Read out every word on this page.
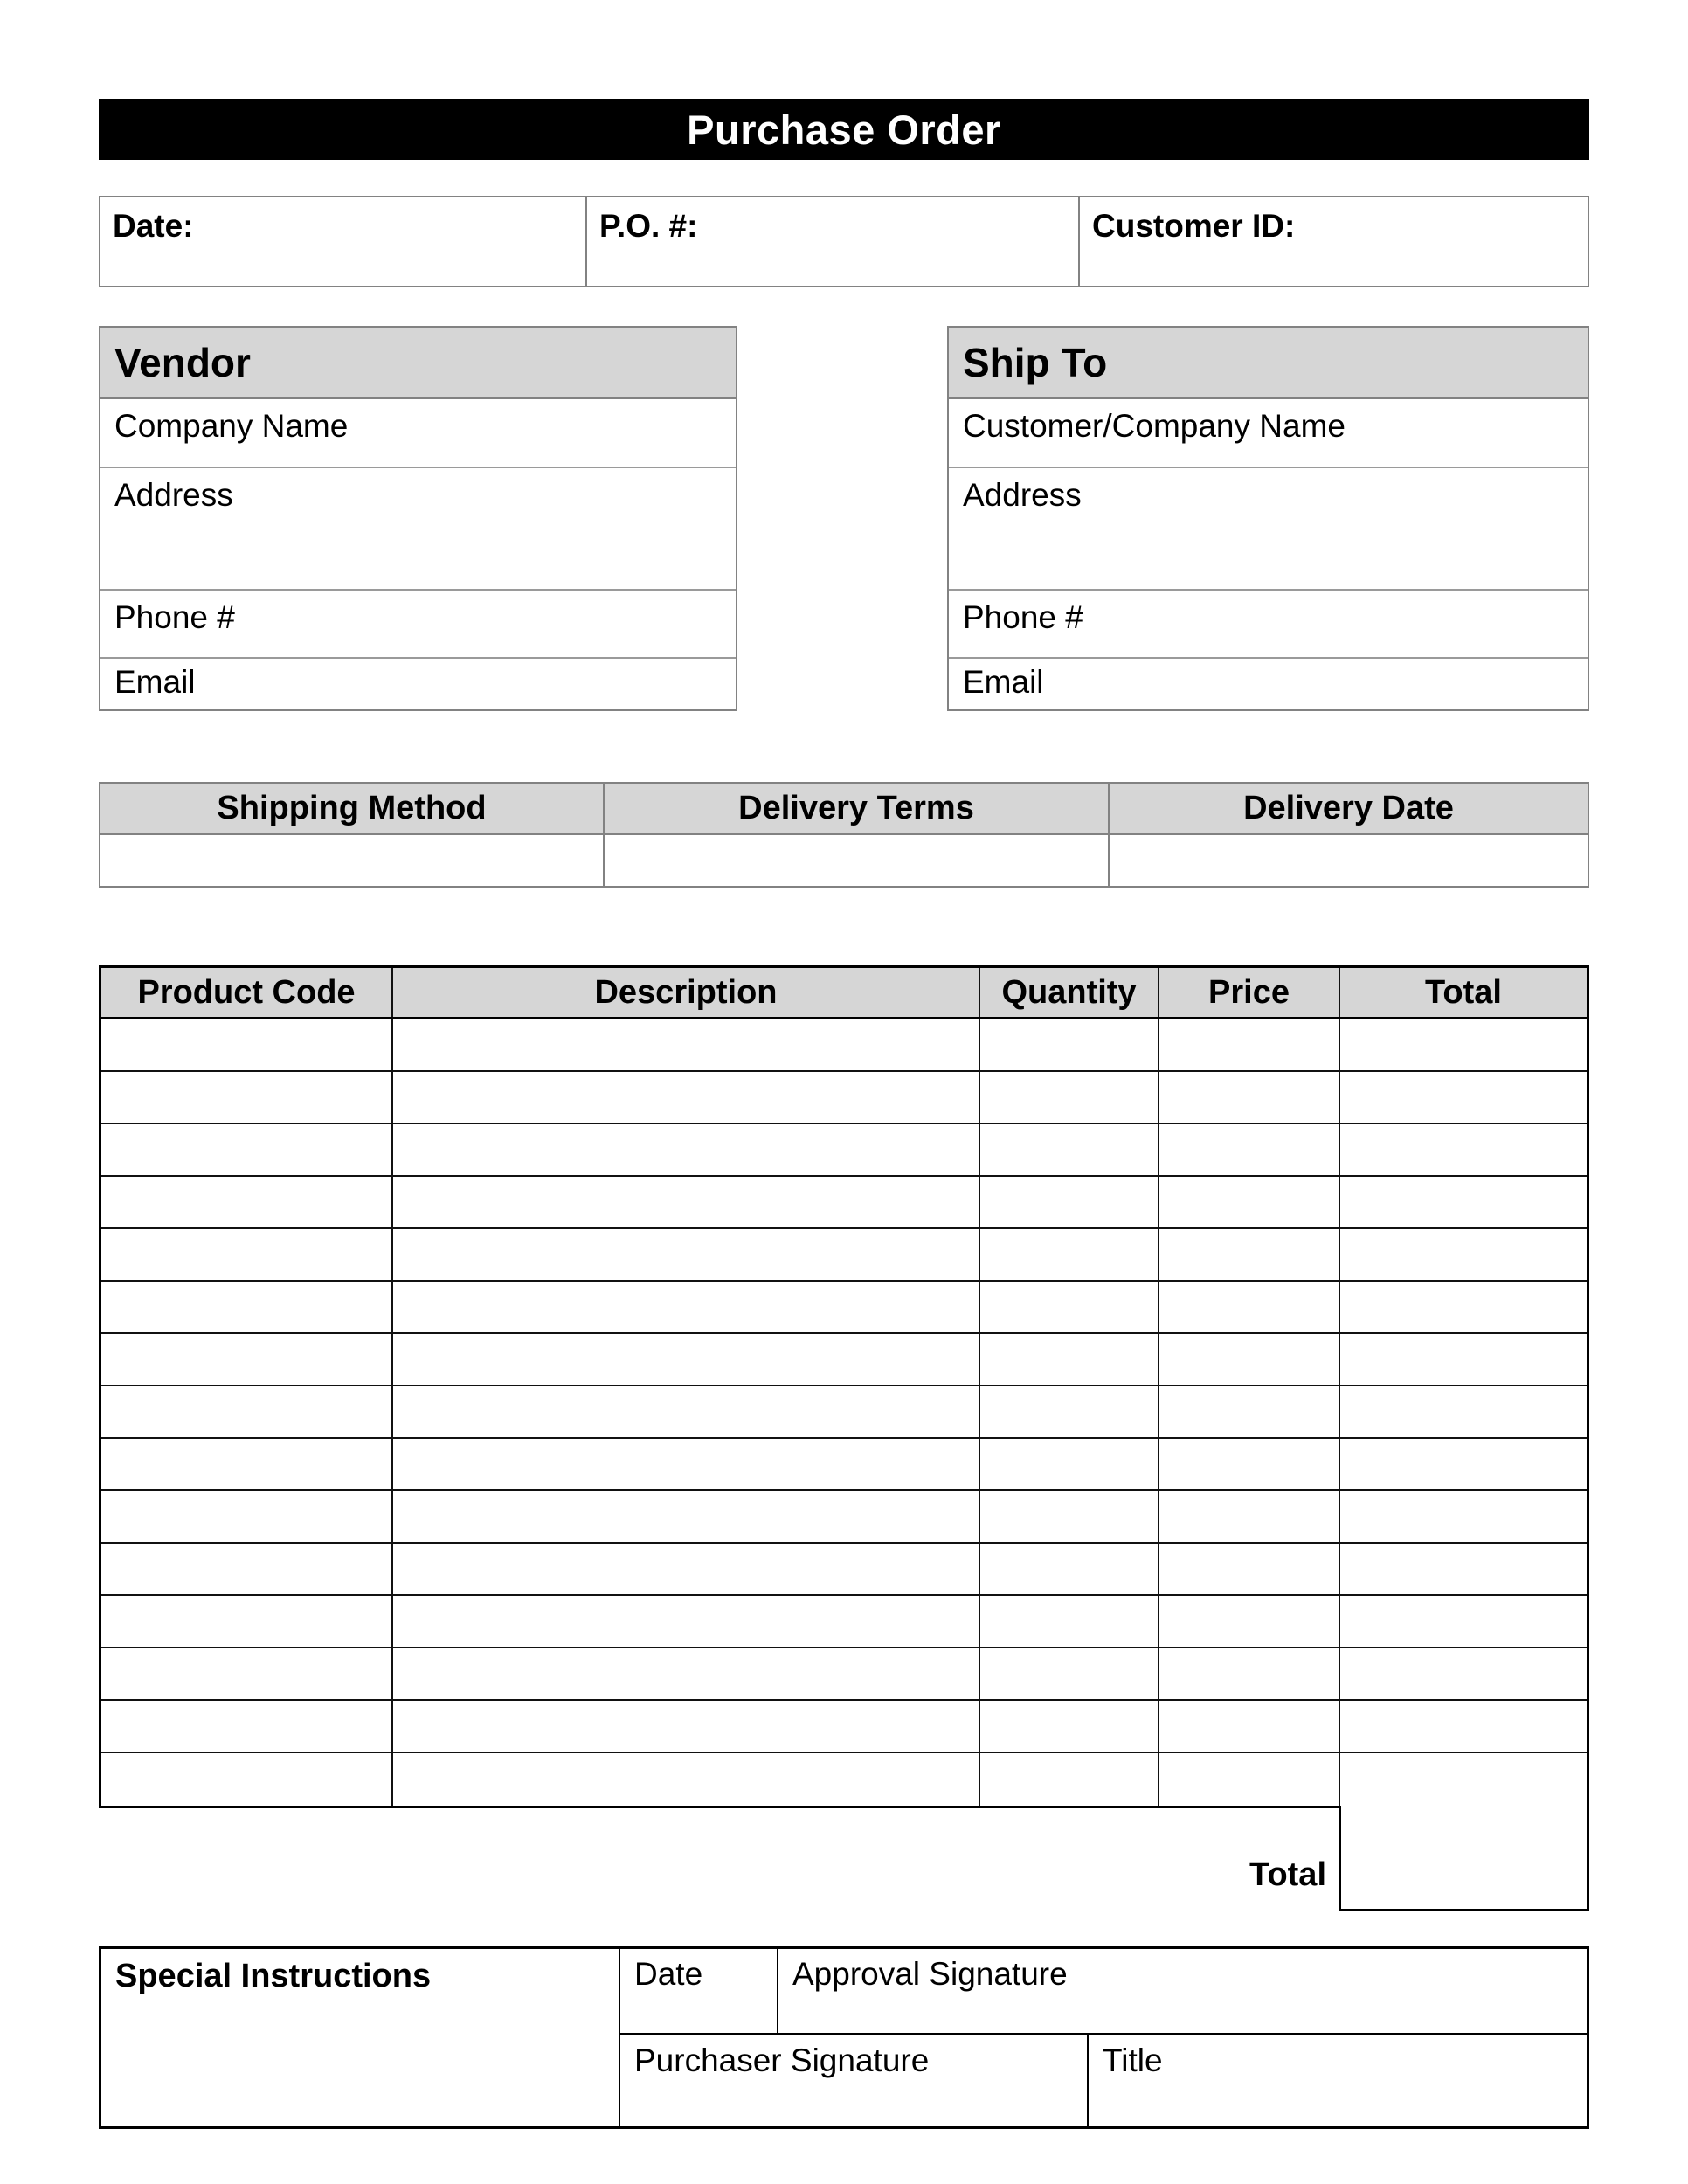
Purchase Order
Date:	P.O. #:	Customer ID:
Vendor
Company Name
Address
Phone #
Email
Ship To
Customer/Company Name
Address
Phone #
Email
Shipping Method	Delivery Terms	Delivery Date
Product Code	Description	Quantity	Price	Total
Total
Special Instructions	Date	Approval Signature
Purchaser Signature	Title
